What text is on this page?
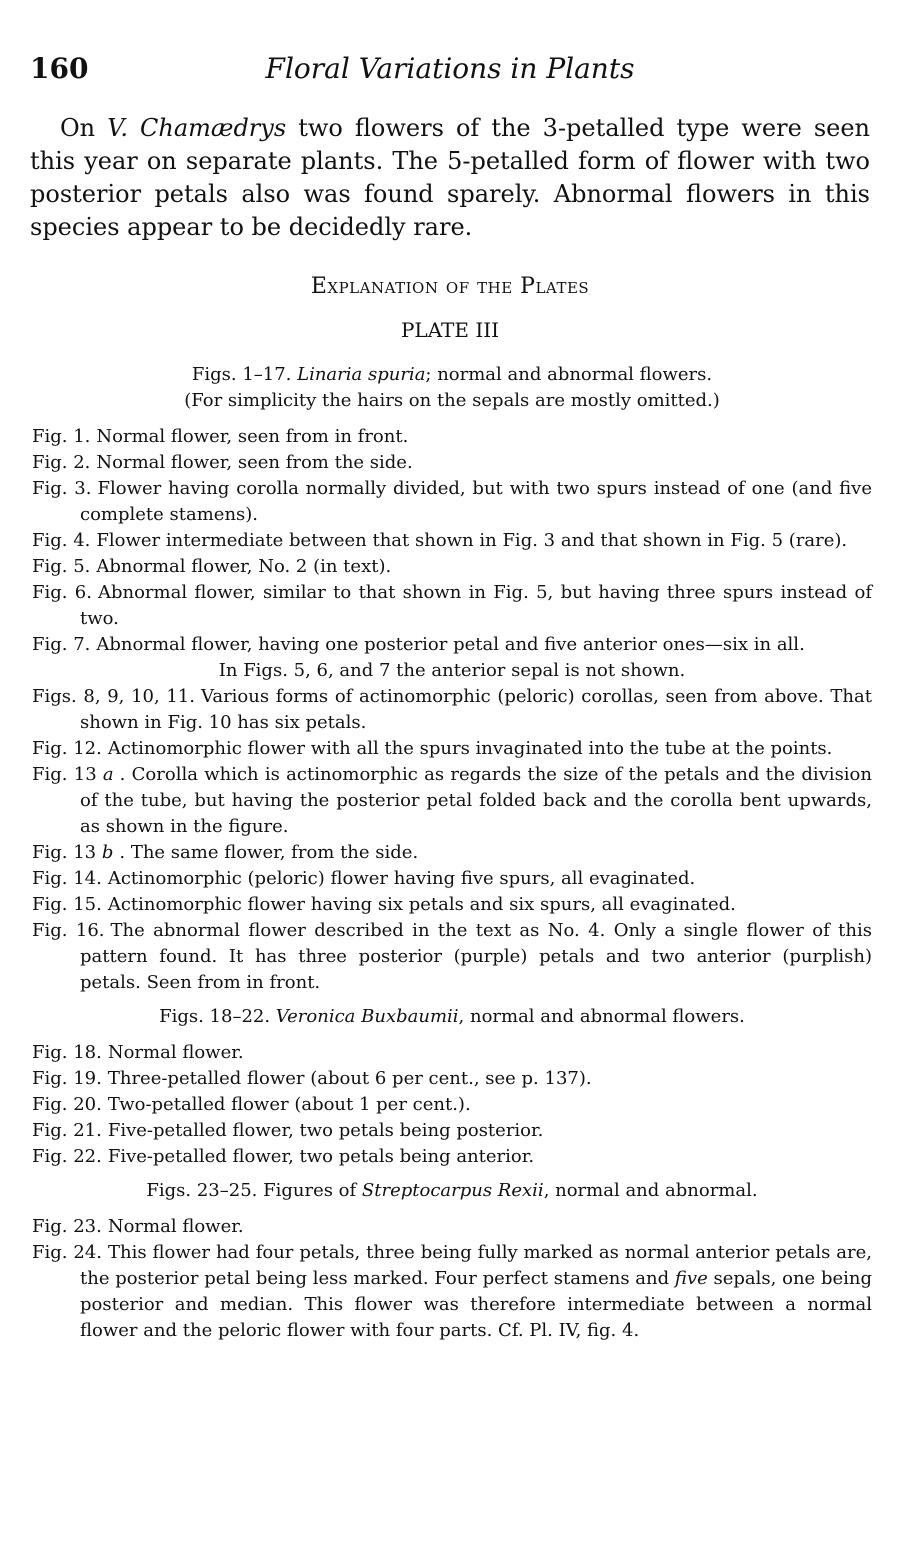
160	Floral Variations in Plants
On V. Chamædrys two flowers of the 3-petalled type were seen this year on separate plants. The 5-petalled form of flower with two posterior petals also was found sparely. Abnormal flowers in this species appear to be decidedly rare.
Explanation of the Plates
PLATE III
Figs. 1–17. Linaria spuria; normal and abnormal flowers.
(For simplicity the hairs on the sepals are mostly omitted.)
Fig. 1. Normal flower, seen from in front.
Fig. 2. Normal flower, seen from the side.
Fig. 3. Flower having corolla normally divided, but with two spurs instead of one (and five complete stamens).
Fig. 4. Flower intermediate between that shown in Fig. 3 and that shown in Fig. 5 (rare).
Fig. 5. Abnormal flower, No. 2 (in text).
Fig. 6. Abnormal flower, similar to that shown in Fig. 5, but having three spurs instead of two.
Fig. 7. Abnormal flower, having one posterior petal and five anterior ones—six in all.
In Figs. 5, 6, and 7 the anterior sepal is not shown.
Figs. 8, 9, 10, 11. Various forms of actinomorphic (peloric) corollas, seen from above. That shown in Fig. 10 has six petals.
Fig. 12. Actinomorphic flower with all the spurs invaginated into the tube at the points.
Fig. 13 a . Corolla which is actinomorphic as regards the size of the petals and the division of the tube, but having the posterior petal folded back and the corolla bent upwards, as shown in the figure.
Fig. 13 b . The same flower, from the side.
Fig. 14. Actinomorphic (peloric) flower having five spurs, all evaginated.
Fig. 15. Actinomorphic flower having six petals and six spurs, all evaginated.
Fig. 16. The abnormal flower described in the text as No. 4. Only a single flower of this pattern found. It has three posterior (purple) petals and two anterior (purplish) petals. Seen from in front.
Figs. 18–22. Veronica Buxbaumii, normal and abnormal flowers.
Fig. 18. Normal flower.
Fig. 19. Three-petalled flower (about 6 per cent., see p. 137).
Fig. 20. Two-petalled flower (about 1 per cent.).
Fig. 21. Five-petalled flower, two petals being posterior.
Fig. 22. Five-petalled flower, two petals being anterior.
Figs. 23–25. Figures of Streptocarpus Rexii, normal and abnormal.
Fig. 23. Normal flower.
Fig. 24. This flower had four petals, three being fully marked as normal anterior petals are, the posterior petal being less marked. Four perfect stamens and five sepals, one being posterior and median. This flower was therefore intermediate between a normal flower and the peloric flower with four parts. Cf. Pl. IV, fig. 4.
